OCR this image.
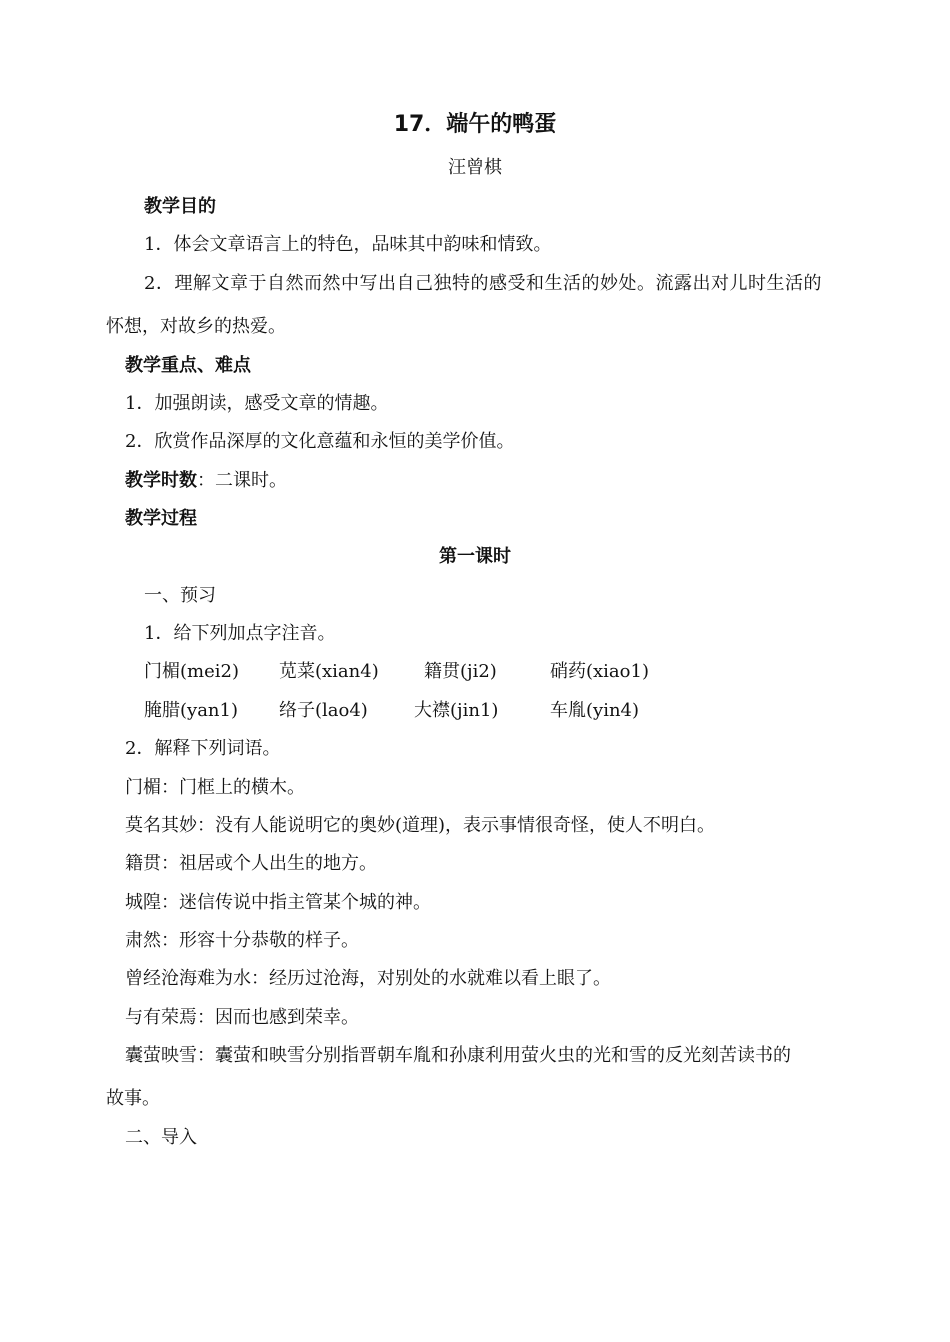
17．端午的鸭蛋
汪曾棋
教学目的
1．体会文章语言上的特色，品味其中韵味和情致。
2．理解文章于自然而然中写出自己独特的感受和生活的妙处。流露出对儿时生活的
怀想，对故乡的热爱。
教学重点、难点
1．加强朗读，感受文章的情趣。
2．欣赏作品深厚的文化意蕴和永恒的美学价值。
教学时数：二课时。
教学过程
第一课时
一、预习
1．给下列加点字注音。
门楣(mei2) 苋菜(xian4)	籍贯(ji2)	硝药(xiao1)
腌腊(yan1) 络子(lao4)	大襟(jin1)	车胤(yin4)
2．解释下列词语。
门楣：门框上的横木。
莫名其妙：没有人能说明它的奥妙(道理)，表示事情很奇怪，使人不明白。
籍贯：祖居或个人出生的地方。
城隍：迷信传说中指主管某个城的神。
肃然：形容十分恭敬的样子。
曾经沧海难为水：经历过沧海，对别处的水就难以看上眼了。
与有荣焉：因而也感到荣幸。
囊萤映雪：囊萤和映雪分别指晋朝车胤和孙康利用萤火虫的光和雪的反光刻苦读书的
故事。
二、导入
